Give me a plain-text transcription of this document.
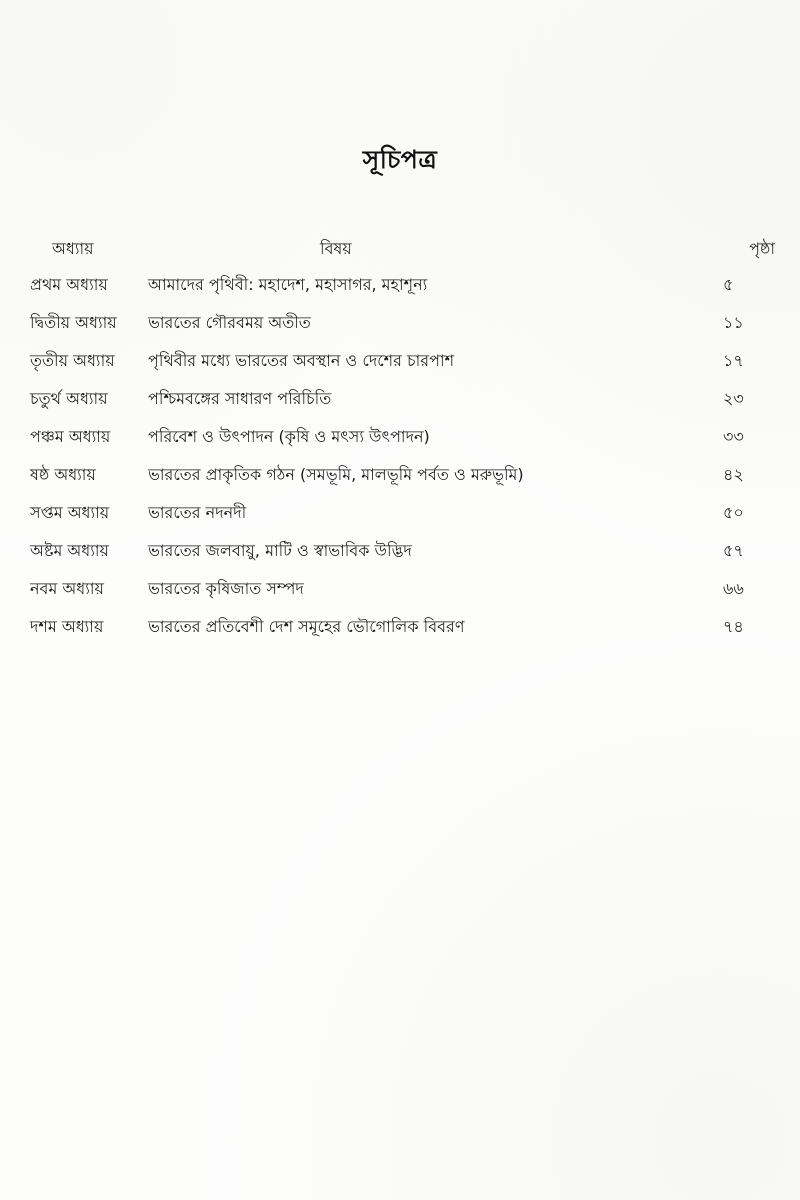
সূচিপত্র
অধ্যায়	বিষয়	পৃষ্ঠা
প্রথম অধ্যায়	আমাদের পৃথিবী: মহাদেশ, মহাসাগর, মহাশূন্য	৫
দ্বিতীয় অধ্যায়	ভারতের গৌরবময় অতীত	১১
তৃতীয় অধ্যায়	পৃথিবীর মধ্যে ভারতের অবস্থান ও দেশের চারপাশ	১৭
চতুর্থ অধ্যায়	পশ্চিমবঙ্গের সাধারণ পরিচিতি	২৩
পঞ্চম অধ্যায়	পরিবেশ ও উৎপাদন (কৃষি ও মৎস্য উৎপাদন)	৩৩
ষষ্ঠ অধ্যায়	ভারতের প্রাকৃতিক গঠন (সমভূমি, মালভূমি পর্বত ও মরুভূমি)	৪২
সপ্তম অধ্যায়	ভারতের নদনদী	৫০
অষ্টম অধ্যায়	ভারতের জলবায়ু, মাটি ও স্বাভাবিক উদ্ভিদ	৫৭
নবম অধ্যায়	ভারতের কৃষিজাত সম্পদ	৬৬
দশম অধ্যায়	ভারতের প্রতিবেশী দেশ সমূহের ভৌগোলিক বিবরণ	৭৪
